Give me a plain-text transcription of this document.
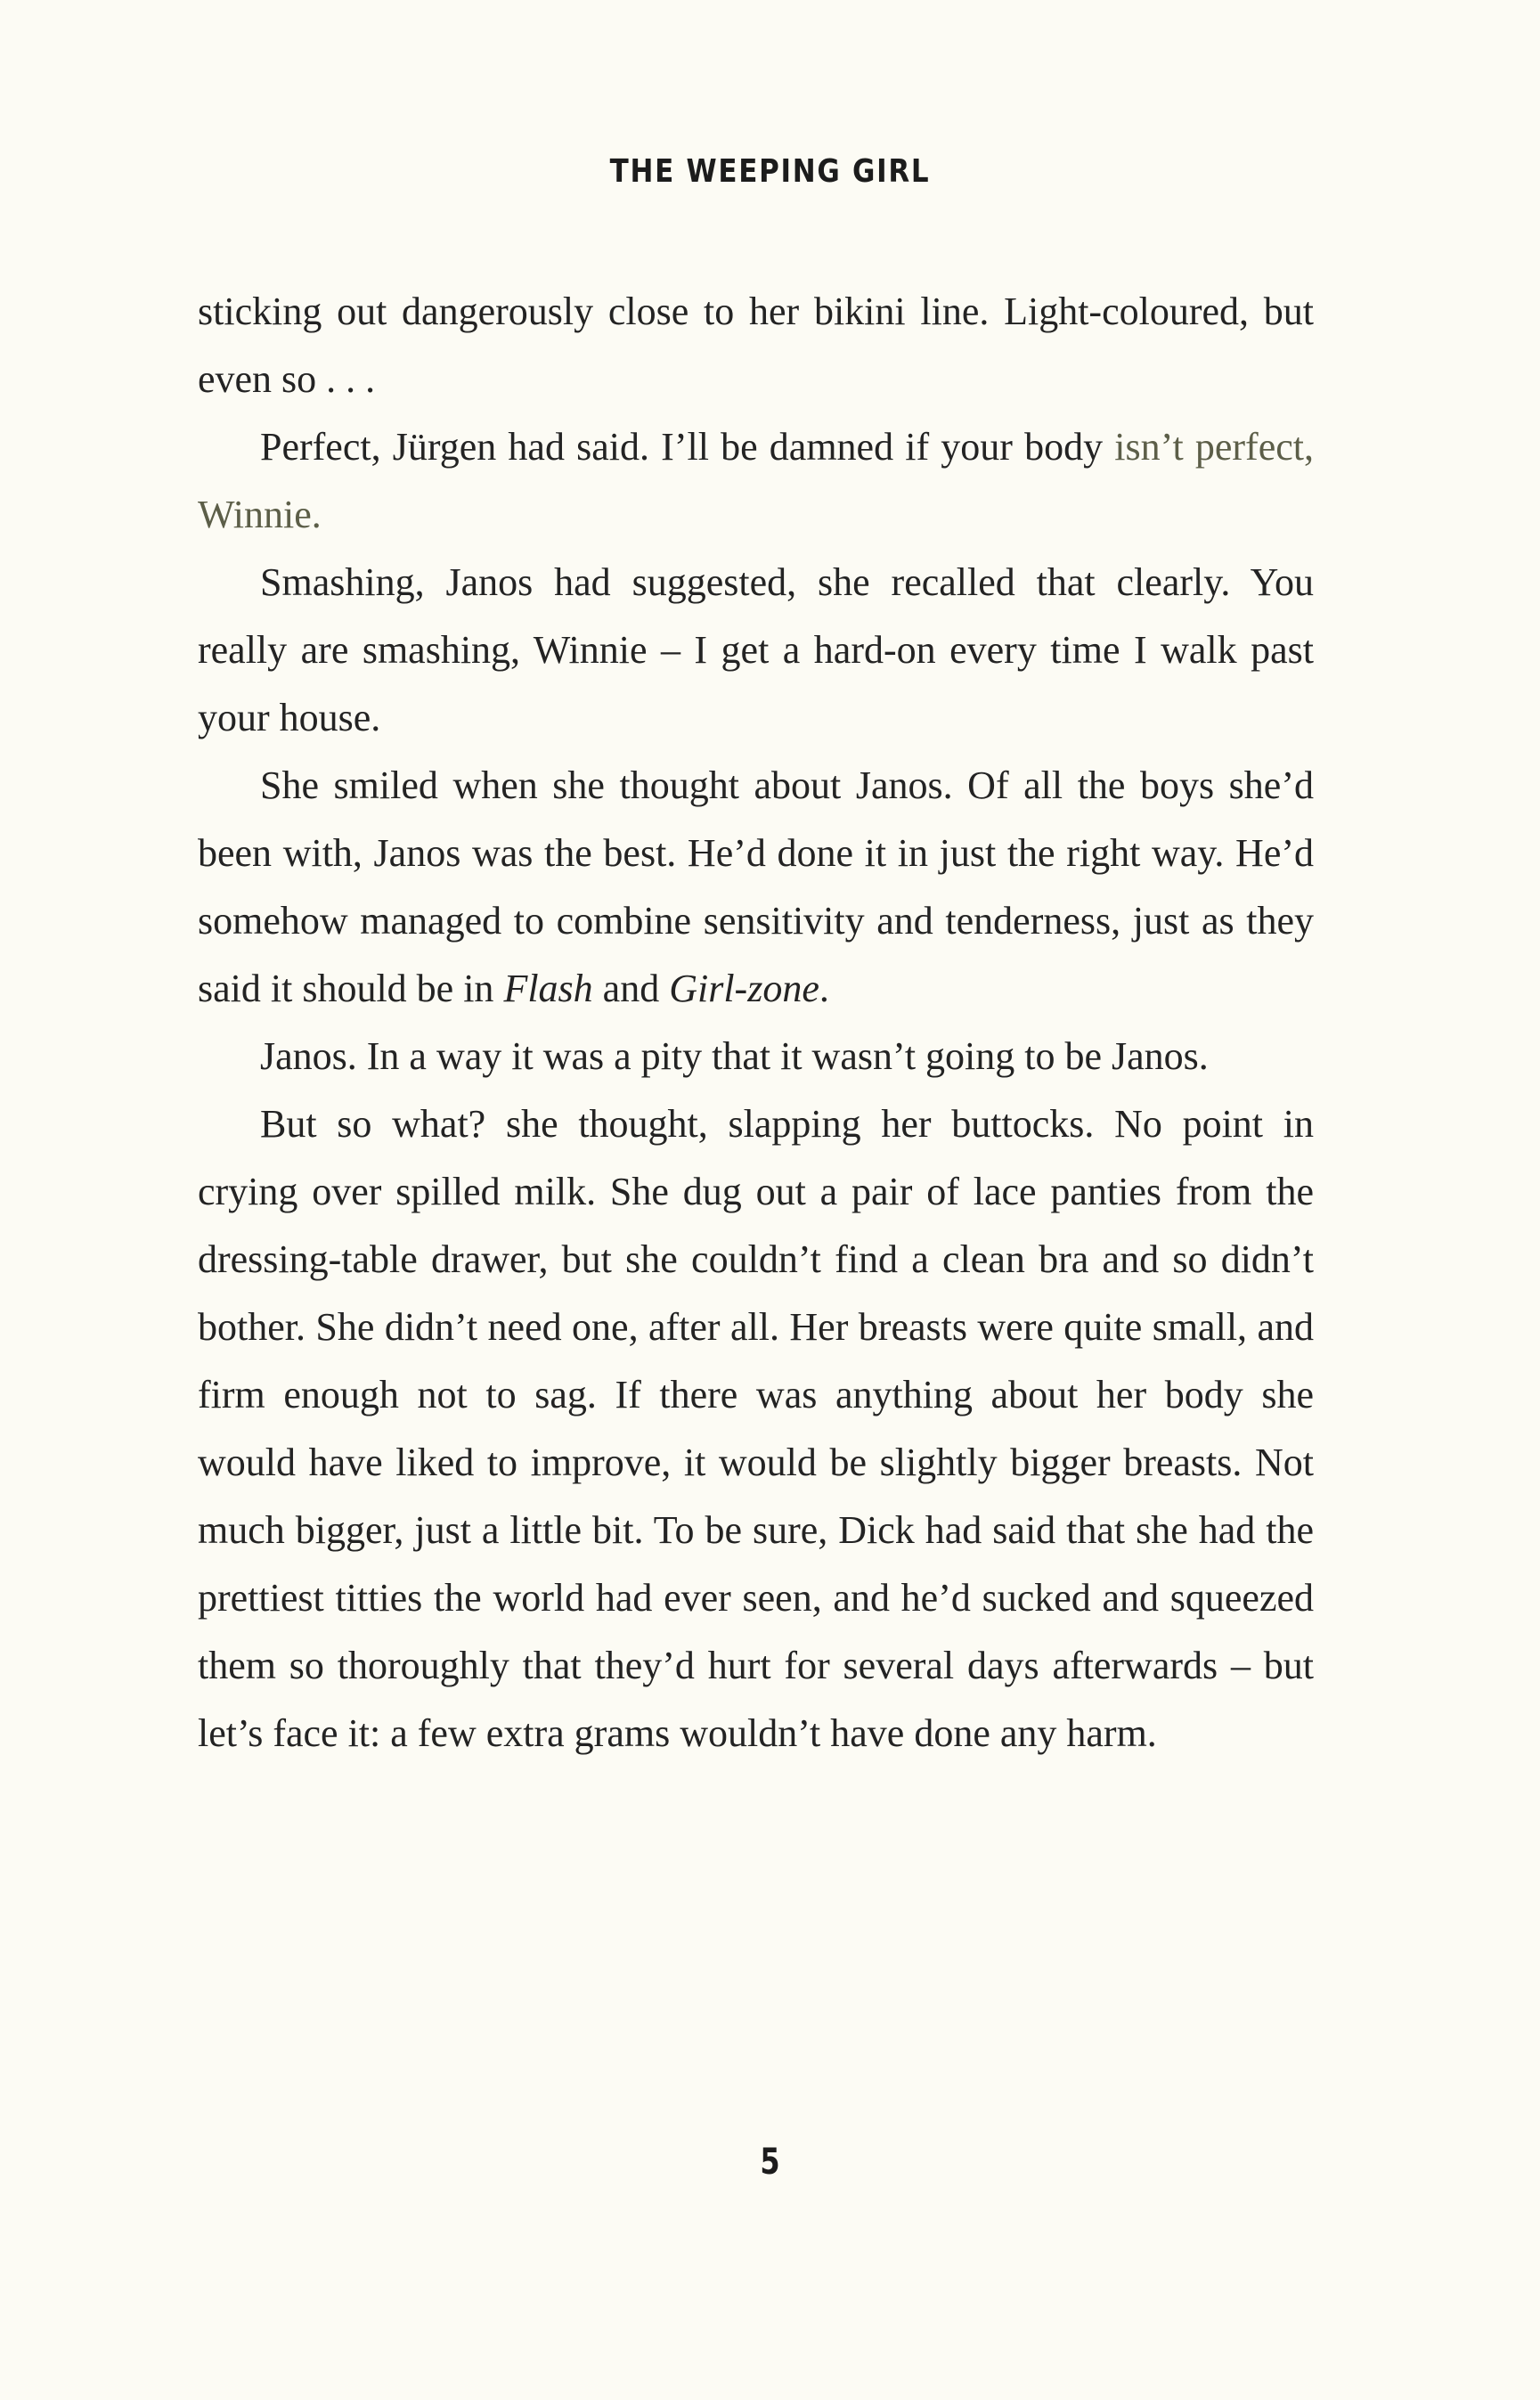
THE WEEPING GIRL

sticking out dangerously close to her bikini line. Light-coloured, but even so . . .

Perfect, Jürgen had said. I’ll be damned if your body isn’t perfect, Winnie.

Smashing, Janos had suggested, she recalled that clearly. You really are smashing, Winnie – I get a hard-on every time I walk past your house.

She smiled when she thought about Janos. Of all the boys she’d been with, Janos was the best. He’d done it in just the right way. He’d somehow managed to combine sensitivity and tenderness, just as they said it should be in Flash and Girl-zone.

Janos. In a way it was a pity that it wasn’t going to be Janos.

But so what? she thought, slapping her buttocks. No point in crying over spilled milk. She dug out a pair of lace panties from the dressing-table drawer, but she couldn’t find a clean bra and so didn’t bother. She didn’t need one, after all. Her breasts were quite small, and firm enough not to sag. If there was anything about her body she would have liked to improve, it would be slightly bigger breasts. Not much bigger, just a little bit. To be sure, Dick had said that she had the prettiest titties the world had ever seen, and he’d sucked and squeezed them so thoroughly that they’d hurt for several days afterwards – but let’s face it: a few extra grams wouldn’t have done any harm.

5
